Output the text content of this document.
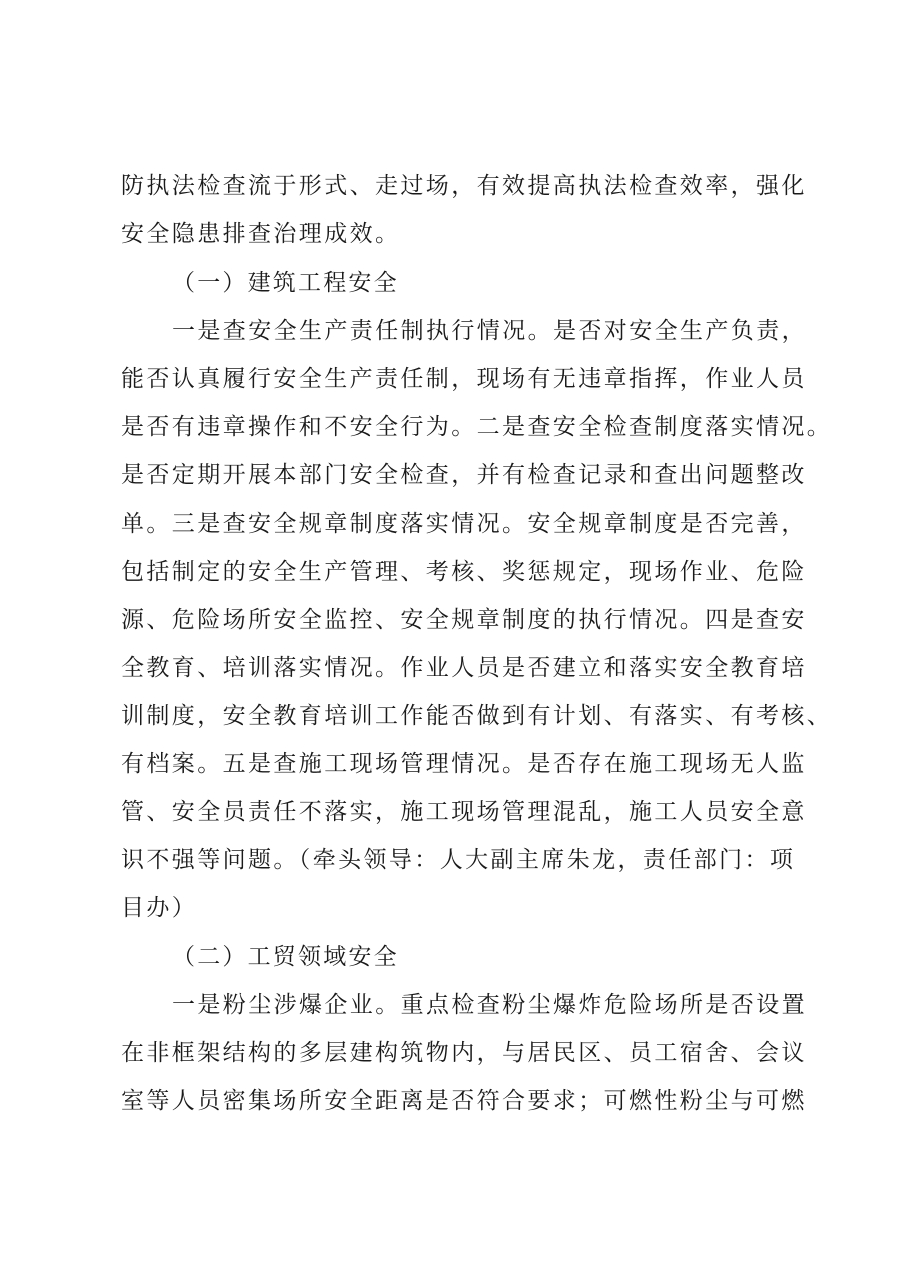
防执法检查流于形式、走过场，有效提高执法检查效率，强化
安全隐患排查治理成效。
（一）建筑工程安全
一是查安全生产责任制执行情况。是否对安全生产负责，
能否认真履行安全生产责任制，现场有无违章指挥，作业人员
是否有违章操作和不安全行为。二是查安全检查制度落实情况。
是否定期开展本部门安全检查，并有检查记录和查出问题整改
单。三是查安全规章制度落实情况。安全规章制度是否完善，
包括制定的安全生产管理、考核、奖惩规定，现场作业、危险
源、危险场所安全监控、安全规章制度的执行情况。四是查安
全教育、培训落实情况。作业人员是否建立和落实安全教育培
训制度，安全教育培训工作能否做到有计划、有落实、有考核、
有档案。五是查施工现场管理情况。是否存在施工现场无人监
管、安全员责任不落实，施工现场管理混乱，施工人员安全意
识不强等问题。（牵头领导：人大副主席朱龙，责任部门：项
目办）
（二）工贸领域安全
一是粉尘涉爆企业。重点检查粉尘爆炸危险场所是否设置
在非框架结构的多层建构筑物内，与居民区、员工宿舍、会议
室等人员密集场所安全距离是否符合要求；可燃性粉尘与可燃
